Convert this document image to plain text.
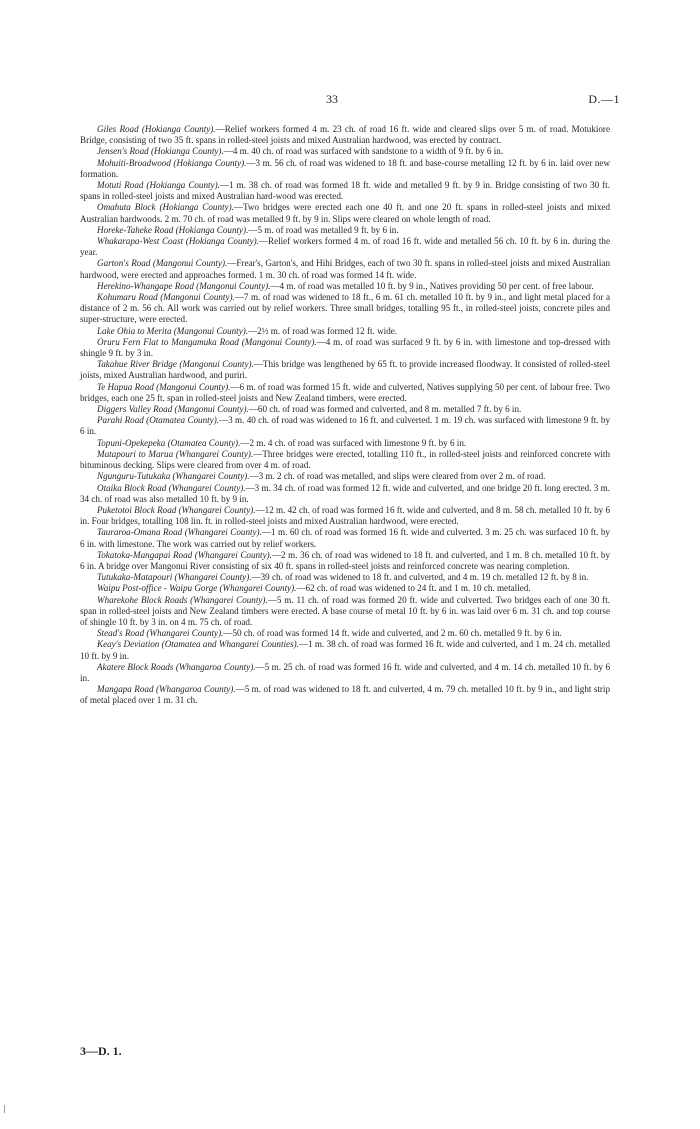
33	D.—1

Giles Road (Hokianga County).—Relief workers formed 4 m. 23 ch. of road 16 ft. wide and cleared slips over 5 m. of road. Motukiore Bridge, consisting of two 35 ft. spans in rolled-steel joists and mixed Australian hardwood, was erected by contract.

Jensen's Road (Hokianga County).—4 m. 40 ch. of road was surfaced with sandstone to a width of 9 ft. by 6 in.

Mohuiti-Broadwood (Hokianga County).—3 m. 56 ch. of road was widened to 18 ft. and base-course metalling 12 ft. by 6 in. laid over new formation.

Motuti Road (Hokianga County).—1 m. 38 ch. of road was formed 18 ft. wide and metalled 9 ft. by 9 in. Bridge consisting of two 30 ft. spans in rolled-steel joists and mixed Australian hard-wood was erected.

Omahuta Block (Hokianga County).—Two bridges were erected each one 40 ft. and one 20 ft. spans in rolled-steel joists and mixed Australian hardwoods. 2 m. 70 ch. of road was metalled 9 ft. by 9 in. Slips were cleared on whole length of road.

Horeke-Taheke Road (Hokianga County).—5 m. of road was metalled 9 ft. by 6 in.

Whakarapa-West Coast (Hokianga County).—Relief workers formed 4 m. of road 16 ft. wide and metalled 56 ch. 10 ft. by 6 in. during the year.

Garton's Road (Mangonui County).—Frear's, Garton's, and Hihi Bridges, each of two 30 ft. spans in rolled-steel joists and mixed Australian hardwood, were erected and approaches formed. 1 m. 30 ch. of road was formed 14 ft. wide.

Herekino-Whangape Road (Mangonui County).—4 m. of road was metalled 10 ft. by 9 in., Natives providing 50 per cent. of free labour.

Kohumaru Road (Mangonui County).—7 m. of road was widened to 18 ft., 6 m. 61 ch. metalled 10 ft. by 9 in., and light metal placed for a distance of 2 m. 56 ch. All work was carried out by relief workers. Three small bridges, totalling 95 ft., in rolled-steel joists, concrete piles and super-structure, were erected.

Lake Ohia to Merita (Mangonui County).—2½ m. of road was formed 12 ft. wide.

Oruru Fern Flat to Mangamuka Road (Mangonui County).—4 m. of road was surfaced 9 ft. by 6 in. with limestone and top-dressed with shingle 9 ft. by 3 in.

Takahue River Bridge (Mangonui County).—This bridge was lengthened by 65 ft. to provide increased floodway. It consisted of rolled-steel joists, mixed Australian hardwood, and puriri.

Te Hapua Road (Mangonui County).—6 m. of road was formed 15 ft. wide and culverted, Natives supplying 50 per cent. of labour free. Two bridges, each one 25 ft. span in rolled-steel joists and New Zealand timbers, were erected.

Diggers Valley Road (Mangonui County).—60 ch. of road was formed and culverted, and 8 m. metalled 7 ft. by 6 in.

Parahi Road (Otamatea County).—3 m. 40 ch. of road was widened to 16 ft. and culverted. 1 m. 19 ch. was surfaced with limestone 9 ft. by 6 in.

Topuni-Opekepeka (Otamatea County).—2 m. 4 ch. of road was surfaced with limestone 9 ft. by 6 in.

Matapouri to Marua (Whangarei County).—Three bridges were erected, totalling 110 ft., in rolled-steel joists and reinforced concrete with bituminous decking. Slips were cleared from over 4 m. of road.

Ngunguru-Tutukaka (Whangarei County).—3 m. 2 ch. of road was metalled, and slips were cleared from over 2 m. of road.

Otaika Block Road (Whangarei County).—3 m. 34 ch. of road was formed 12 ft. wide and culverted, and one bridge 20 ft. long erected. 3 m. 34 ch. of road was also metalled 10 ft. by 9 in.

Puketotoi Block Road (Whangarei County).—12 m. 42 ch. of road was formed 16 ft. wide and culverted, and 8 m. 58 ch. metalled 10 ft. by 6 in. Four bridges, totalling 108 lin. ft. in rolled-steel joists and mixed Australian hardwood, were erected.

Taurаroa-Omana Road (Whangarei County).—1 m. 60 ch. of road was formed 16 ft. wide and culverted. 3 m. 25 ch. was surfaced 10 ft. by 6 in. with limestone. The work was carried out by relief workers.

Tokatoka-Mangapai Road (Whangarei County).—2 m. 36 ch. of road was widened to 18 ft. and culverted, and 1 m. 8 ch. metalled 10 ft. by 6 in. A bridge over Mangonui River consisting of six 40 ft. spans in rolled-steel joists and reinforced concrete was nearing completion.

Tutukaka-Matapouri (Whangarei County).—39 ch. of road was widened to 18 ft. and culverted, and 4 m. 19 ch. metalled 12 ft. by 8 in.

Waipu Post-office - Waipu Gorge (Whangarei County).—62 ch. of road was widened to 24 ft. and 1 m. 10 ch. metalled.

Wharekohe Block Roads (Whangarei County).—5 m. 11 ch. of road was formed 20 ft. wide and culverted. Two bridges each of one 30 ft. span in rolled-steel joists and New Zealand timbers were erected. A base course of metal 10 ft. by 6 in. was laid over 6 m. 31 ch. and top course of shingle 10 ft. by 3 in. on 4 m. 75 ch. of road.

Stead's Road (Whangarei County).—50 ch. of road was formed 14 ft. wide and culverted, and 2 m. 60 ch. metalled 9 ft. by 6 in.

Keay's Deviation (Otamatea and Whangarei Counties).—1 m. 38 ch. of road was formed 16 ft. wide and culverted, and 1 m. 24 ch. metalled 10 ft. by 9 in.

Akatere Block Roads (Whangaroa County).—5 m. 25 ch. of road was formed 16 ft. wide and culverted, and 4 m. 14 ch. metalled 10 ft. by 6 in.

Mangapa Road (Whangaroa County).—5 m. of road was widened to 18 ft. and culverted, 4 m. 79 ch. metalled 10 ft. by 9 in., and light strip of metal placed over 1 m. 31 ch.

3—D. 1.
